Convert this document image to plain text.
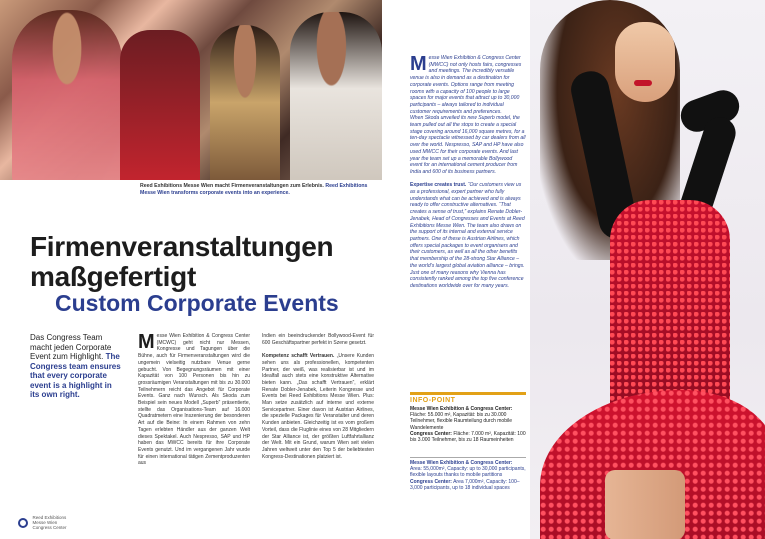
Reed Exhibitions Messe Wien macht Firmenveranstaltungen zum Erlebnis. Reed Exhibitions Messe Wien transforms corporate events into an experience.
Firmenveranstaltungen maßgefertigt
Custom Corporate Events
Das Congress Team macht jeden Corporate Event zum Highlight. The Congress team ensures that every corporate event is a highlight in its own right.
Messe Wien Exhibition & Congress Center (MCWC) geht nicht nur Messen, Kongresse und Tagungen über die Bühne, auch für Firmenveranstaltungen wird die ungemein vielseitig nutzbare Venue gerne gebucht. Von Begegnungsräumen mit einer Kapazität von 100 Personen bis hin zu grossräumigen Veranstaltungen mit bis zu 30.000 Teilnehmern reicht das Angebot für Corporate Events. Ganz nach Wunsch. Als Skoda zum Beispiel sein neues Modell „Superb“ präsentierte, stellte das Organisations-Team auf 16.000 Quadratmetern eine Inszenierung der besonderen Art auf die Beine: In einem Rahmen von zehn Tagen erlebten Händler aus der ganzen Welt dieses Spektakel. Auch Nespresso, SAP und HP haben das MWCC bereits für ihre Corporate Events genutzt. Und im vergangenen Jahr wurde für einen international tätigen Zementproduzenten aus
Indien ein beeindruckender Bollywood-Event für 600 Geschäftspartner perfekt in Szene gesetzt.

Kompetenz schafft Vertrauen. „Unsere Kunden sehen uns als professionellen, kompetenten Partner, der weiß, was realisierbar ist und im Idealfall auch stets eine konstruktive Alternative bieten kann. „Das schafft Vertrauen“, erklärt Renate Dobler-Jenabek, Leiterin Kongresse und Events bei Reed Exhibitions Messe Wien. Plus: Man setze zusätzlich auf interne und externe Servicepartner. Einer davon ist Austrian Airlines, die spezielle Packages für Veranstalter und deren Kunden anbieten. Gleichzeitig ist es vom großem Vorteil, dass die Fluglinie eines von 28 Mitgliedern der Star Alliance ist, der größten Luftfahrtallianz der Welt. Mit ein Grund, warum Wien seit vielen Jahren weltweit unter den Top 5 der beliebtesten Kongress-Destinationen platziert ist.
Reed Exhibitions
Messe Wien
Congress Center
Messe Wien Exhibition & Congress Center (MWCC) not only hosts fairs, congresses and meetings. The incredibly versatile venue is also in demand as a destination for corporate events. Options range from meeting rooms with a capacity of 100 people to large spaces for major events that attract up to 30,000 participants – always tailored to individual customer requirements and preferences.
When Skoda unveiled its new Superb model, the team pulled out all the stops to create a special stage covering around 16,000 square metres, for a ten-day spectacle witnessed by car dealers from all over the world. Nespresso, SAP and HP have also used MWCC for their corporate events. And last year the team set up a memorable Bollywood event for an international cement producer from India and 600 of its business partners.

Expertise creates trust. “Our customers view us as a professional, expert partner who fully understands what can be achieved and is always ready to offer constructive alternatives. “That creates a sense of trust,” explains Renate Dobler-Jenabek, Head of Congresses and Events at Reed Exhibitions Messe Wien. The team also draws on the support of its internal and external service partners. One of these is Austrian Airlines, which offers special packages to event organisers and their customers, as well as all the other benefits that membership of the 28-strong Star Alliance – the world’s largest global aviation alliance – brings. Just one of many reasons why Vienna has consistently ranked among the top five conference destinations worldwide over for many years.
INFO-POINT
Messe Wien Exhibition & Congress Center:
Fläche: 55.000 m², Kapazität: bis zu 30.000 Teilnehmer, flexible Raumteilung durch mobile Wandelemente
Congress Center: Fläche: 7.000 m², Kapazität: 100 bis 3.000 Teilnehmer, bis zu 18 Raumeinheiten
Messe Wien Exhibition & Congress Center:
Area: 55,000m², Capacity: up to 30,000 participants, flexible layouts thanks to mobile partitions
Congress Center: Area 7,000m², Capacity: 100–3,000 participants, up to 18 individual spaces
